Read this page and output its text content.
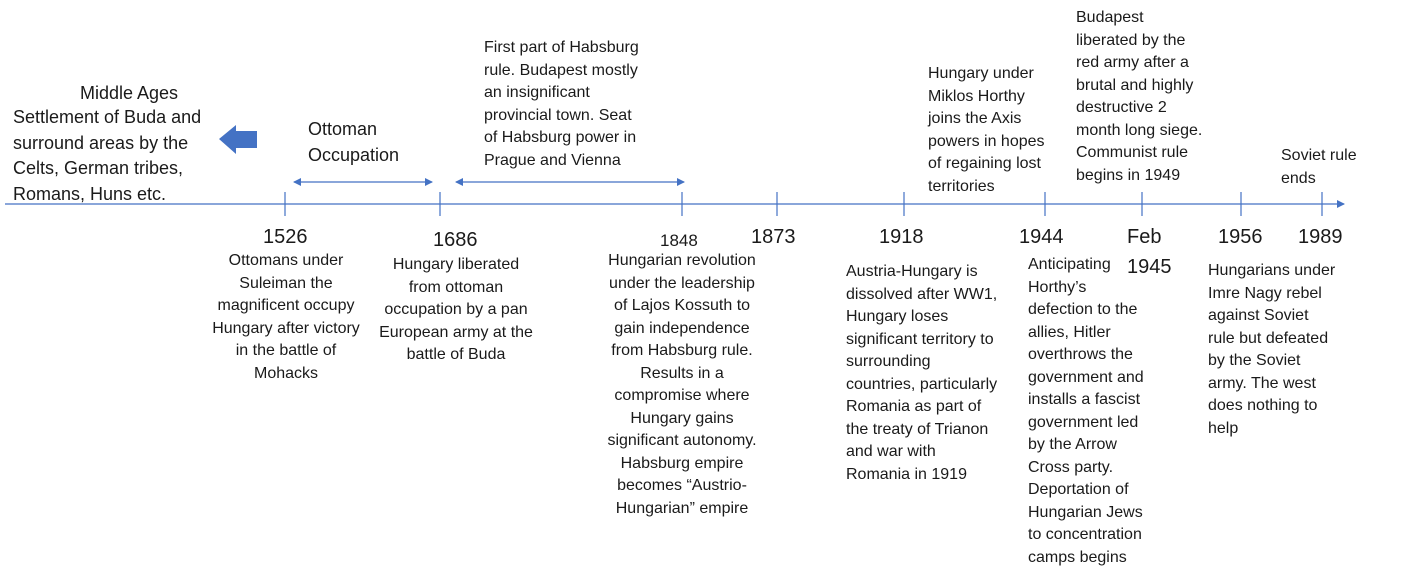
Middle Ages
Settlement of Buda and
surround areas by the
Celts, German tribes,
Romans, Huns etc.
Ottoman
Occupation
First part of Habsburg
rule. Budapest mostly
an insignificant
provincial town. Seat
of Habsburg power in
Prague and Vienna
Hungary under
Miklos Horthy
joins the Axis
powers in hopes
of regaining lost
territories
Budapest
liberated by the
red army after a
brutal and highly
destructive 2
month long siege.
Communist rule
begins in 1949
Soviet rule
ends
1526	1686	1848	1873	1918	1944	Feb
1945
1956 1989
Ottomans under
Suleiman the
magnificent occupy
Hungary after victory
in the battle of
Mohacks
Hungary liberated
from ottoman
occupation by a pan
European army at the
battle of Buda
Hungarian revolution
under the leadership
of Lajos Kossuth to
gain independence
from Habsburg rule.
Results in a
compromise where
Hungary gains
significant autonomy.
Habsburg empire
becomes “Austrio-
Hungarian” empire
Austria-Hungary is
dissolved after WW1,
Hungary loses
significant territory to
surrounding
countries, particularly
Romania as part of
the treaty of Trianon
and war with
Romania in 1919
Anticipating
Horthy’s
defection to the
allies, Hitler
overthrows the
government and
installs a fascist
government led
by the Arrow
Cross party.
Deportation of
Hungarian Jews
to concentration
camps begins
Hungarians under
Imre Nagy rebel
against Soviet
rule but defeated
by the Soviet
army. The west
does nothing to
help
